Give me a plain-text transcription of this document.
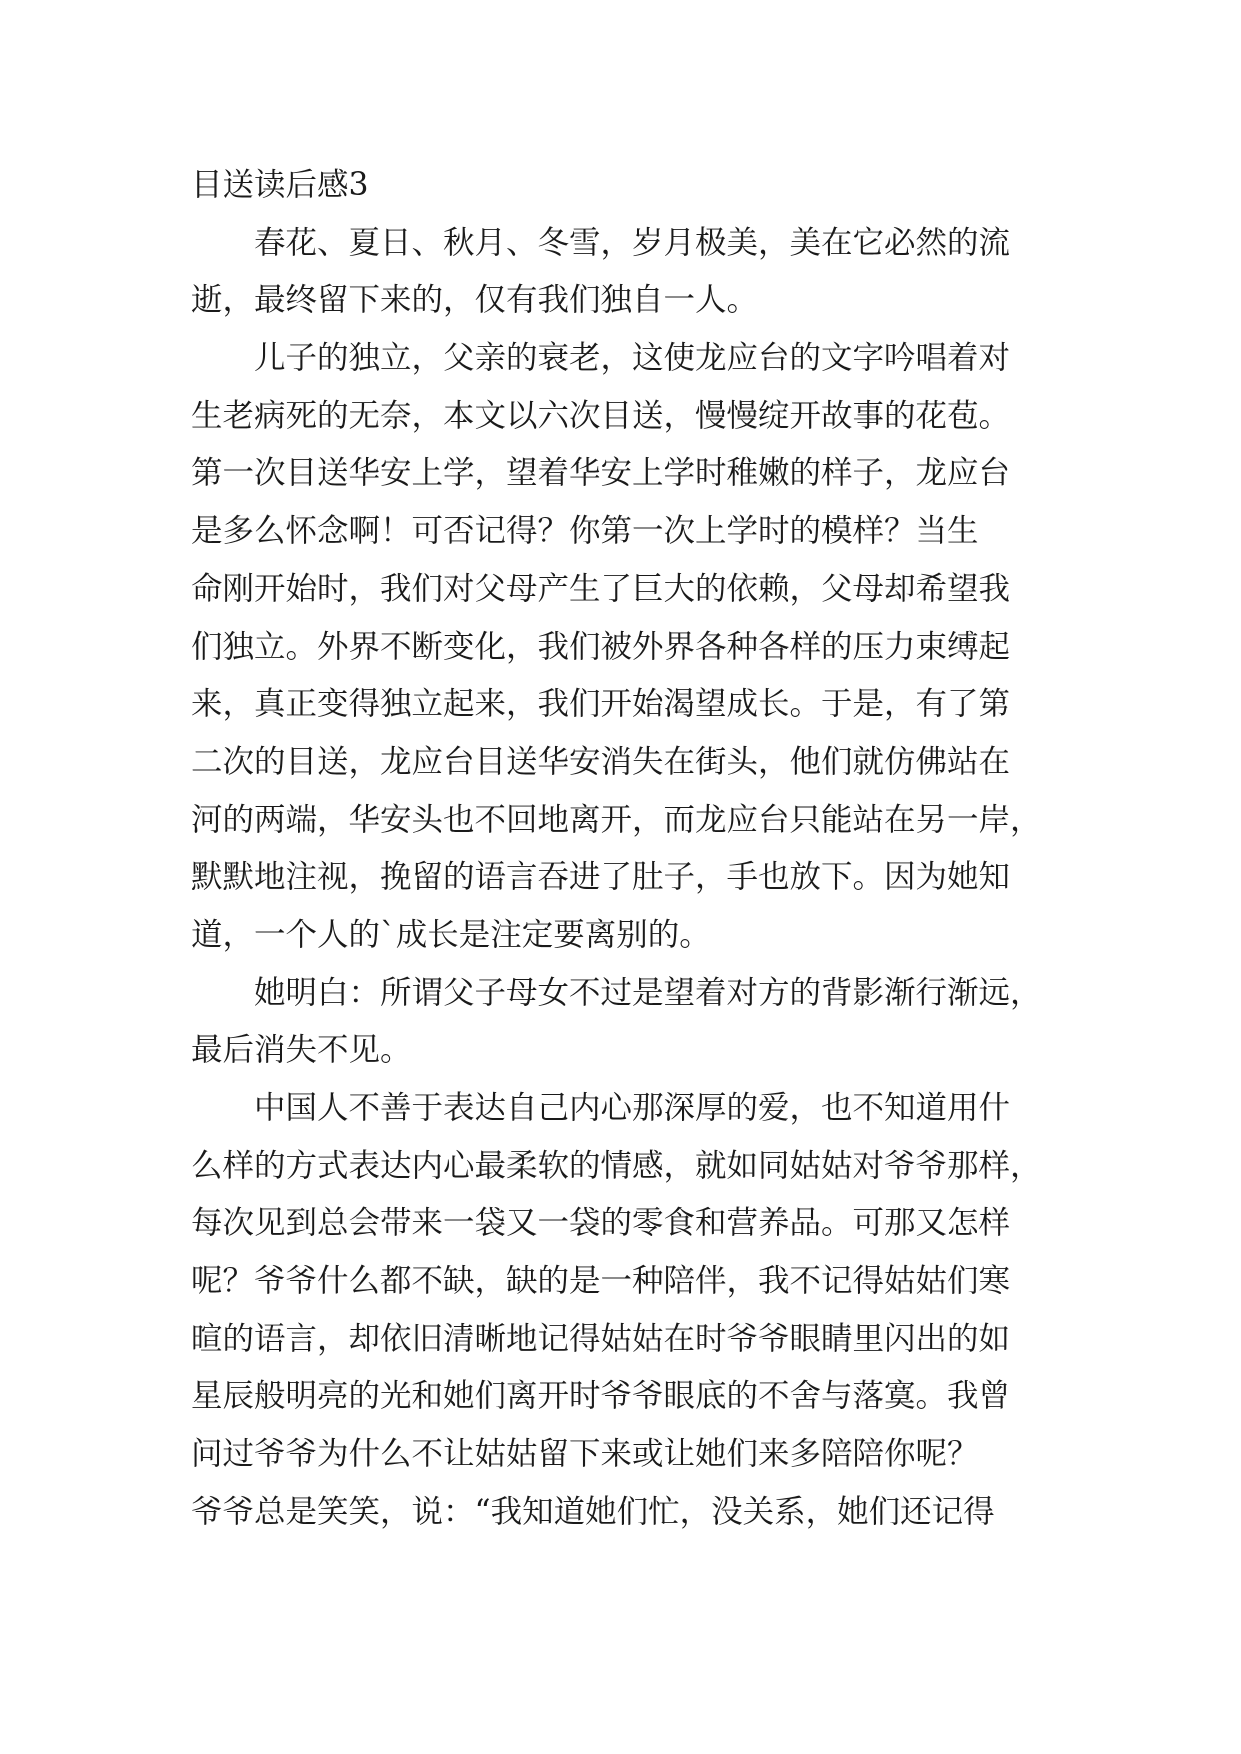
目送读后感3
春花、夏日、秋月、冬雪，岁月极美，美在它必然的流
逝，最终留下来的，仅有我们独自一人。
儿子的独立，父亲的衰老，这使龙应台的文字吟唱着对
生老病死的无奈，本文以六次目送，慢慢绽开故事的花苞。
第一次目送华安上学，望着华安上学时稚嫩的样子，龙应台
是多么怀念啊！可否记得？你第一次上学时的模样？当生
命刚开始时，我们对父母产生了巨大的依赖，父母却希望我
们独立。外界不断变化，我们被外界各种各样的压力束缚起
来，真正变得独立起来，我们开始渴望成长。于是，有了第
二次的目送，龙应台目送华安消失在街头，他们就仿佛站在
河的两端，华安头也不回地离开，而龙应台只能站在另一岸，
默默地注视，挽留的语言吞进了肚子，手也放下。因为她知
道，一个人的`成长是注定要离别的。
她明白：所谓父子母女不过是望着对方的背影渐行渐远，
最后消失不见。
中国人不善于表达自己内心那深厚的爱，也不知道用什
么样的方式表达内心最柔软的情感，就如同姑姑对爷爷那样，
每次见到总会带来一袋又一袋的零食和营养品。可那又怎样
呢？爷爷什么都不缺，缺的是一种陪伴，我不记得姑姑们寒
暄的语言，却依旧清晰地记得姑姑在时爷爷眼睛里闪出的如
星辰般明亮的光和她们离开时爷爷眼底的不舍与落寞。我曾
问过爷爷为什么不让姑姑留下来或让她们来多陪陪你呢？
爷爷总是笑笑，说：“我知道她们忙，没关系，她们还记得
